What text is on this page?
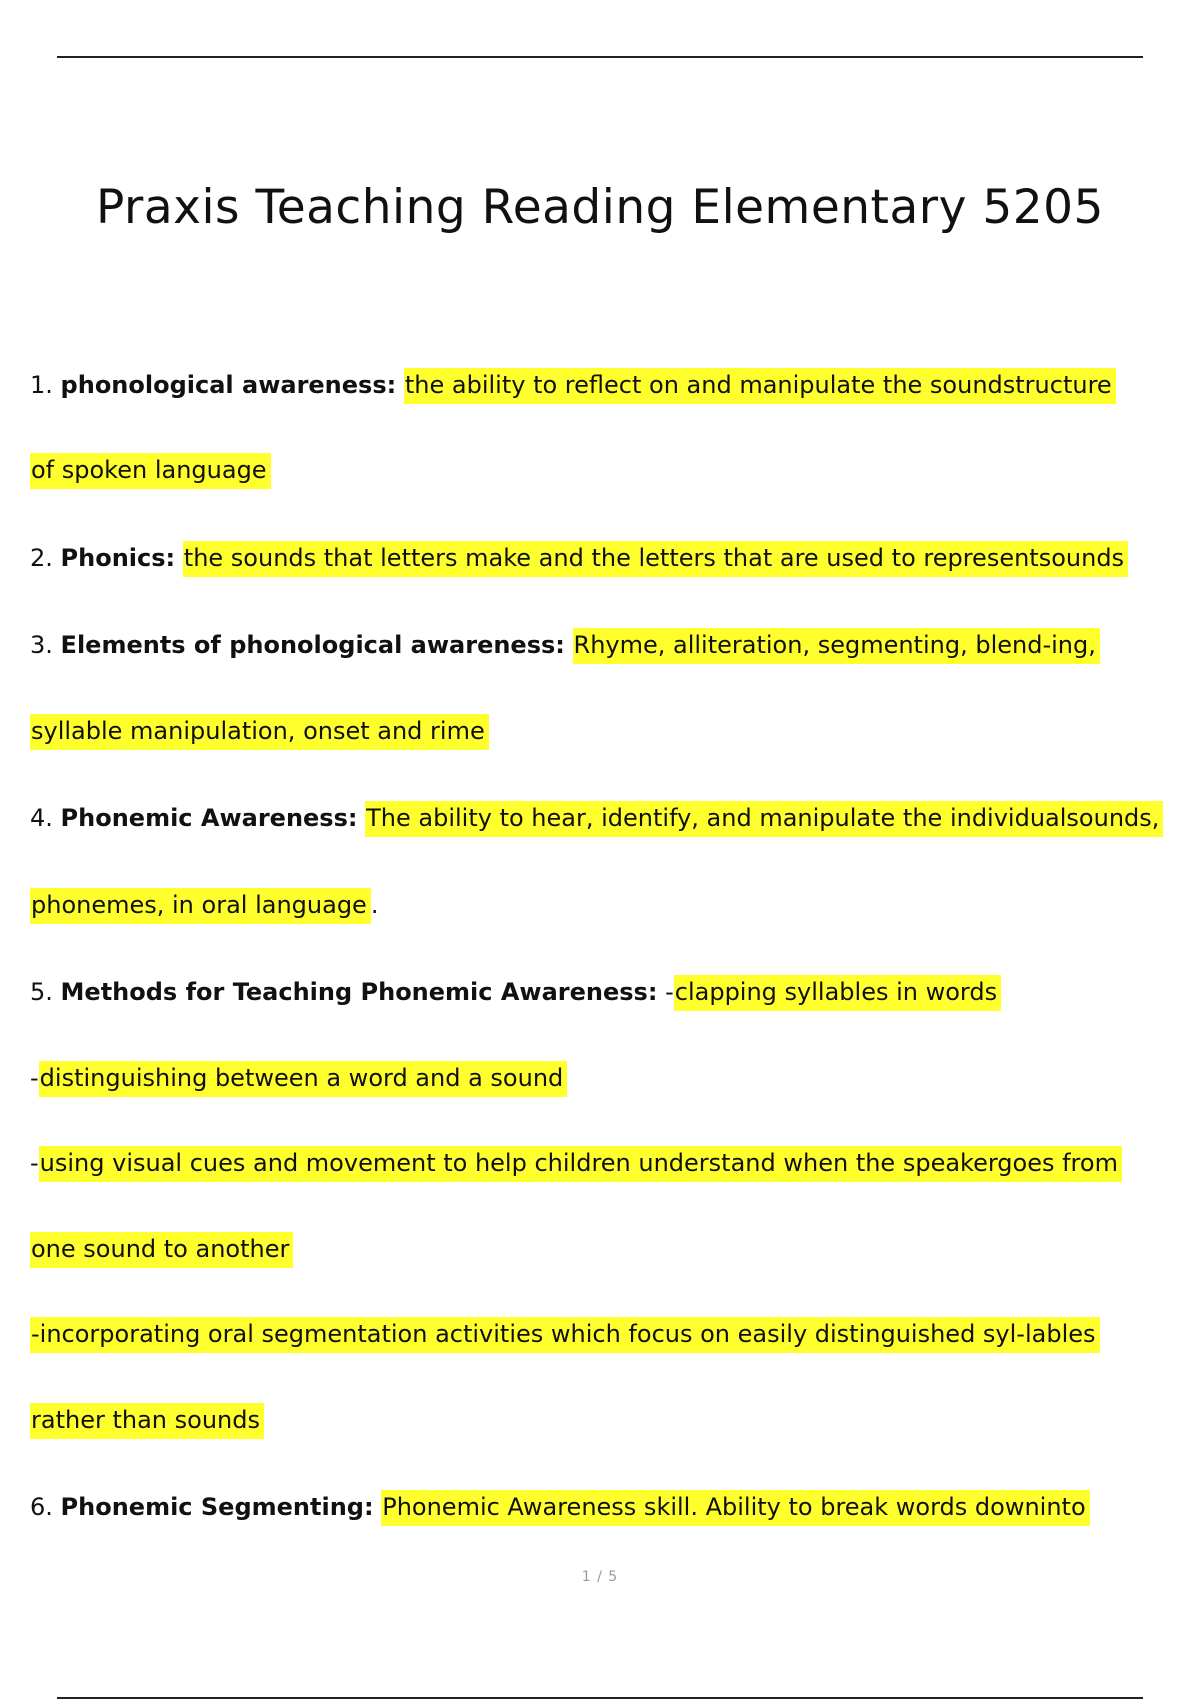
Praxis Teaching Reading Elementary 5205
1. phonological awareness: the ability to reflect on and manipulate the soundstructure
of spoken language
2. Phonics: the sounds that letters make and the letters that are used to representsounds
3. Elements of phonological awareness: Rhyme, alliteration, segmenting, blend-ing,
syllable manipulation, onset and rime
4. Phonemic Awareness: The ability to hear, identify, and manipulate the individualsounds,
phonemes, in oral language .
5. Methods for Teaching Phonemic Awareness: -clapping syllables in words
-distinguishing between a word and a sound
-using visual cues and movement to help children understand when the speakergoes from
one sound to another
-incorporating oral segmentation activities which focus on easily distinguished syl-lables
rather than sounds
6. Phonemic Segmenting: Phonemic Awareness skill. Ability to break words downinto
1 / 5
